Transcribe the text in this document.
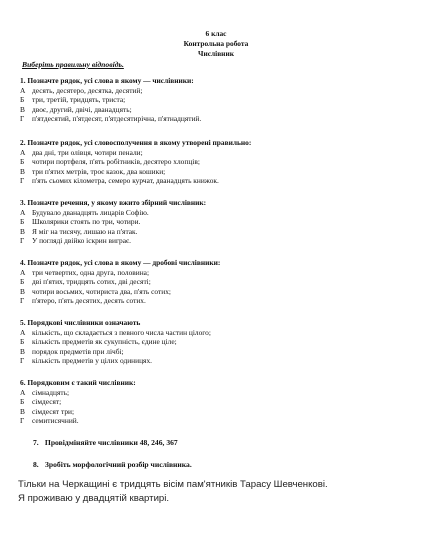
6 клас
Контрольна робота
Числівник
Виберіть правильну відповідь.
1. Позначте рядок, усі слова в якому — числівники:
А десять, десятеро, десятка, десятий;
Б три, третій, тридцять, триста;
В двоє, другий, двічі, дванадцять;
Г п'ятдесятий, п'ятдесят, п'ятдесятирічна, п'ятнадцятий.
2. Позначте рядок, усі словосполучення в якому утворені правильно:
А два дні, три олівця, чотири пенали;
Б чотири портфеля, п'ять робітників, десятеро хлопців;
В три п'ятих метрів, троє казок, два кошики;
Г п'ять сьомих кілометра, семеро курчат, дванадцять книжок.
3. Позначте речення, у якому вжито збірний числівник:
А Будувало дванадцять лицарів Софію.
Б Школярики стоять по три, чотири.
В Я міг на тисячу, лишаю на п'ятак.
Г У погляді двійко іскрин виграє.
4. Позначте рядок, усі слова в якому — дробові числівники:
А три четвертих, одна друга, половина;
Б дві п'ятих, тридцять сотих, дві десяті;
В чотири восьмих, чотириста два, п'ять сотих;
Г п'ятеро, п'ять десятих, десять сотих.
5. Порядкові числівники означають
А кількість, що складається з певного числа частин цілого;
Б кількість предметів як сукупність, єдине ціле;
В порядок предметів при лічбі;
Г кількість предметів у цілих одиницях.
6. Порядковим є такий числівник:
А сімнадцять;
Б сімдесят;
В сімдесят три;
Г семитисячний.
7. Провідміняйте числівники 48, 246, 367
8. Зробіть морфологічний розбір числівника.
Тільки на Черкащині є тридцять вісім пам'ятників Тарасу Шевченкові.
Я проживаю у двадцятій квартирі.
